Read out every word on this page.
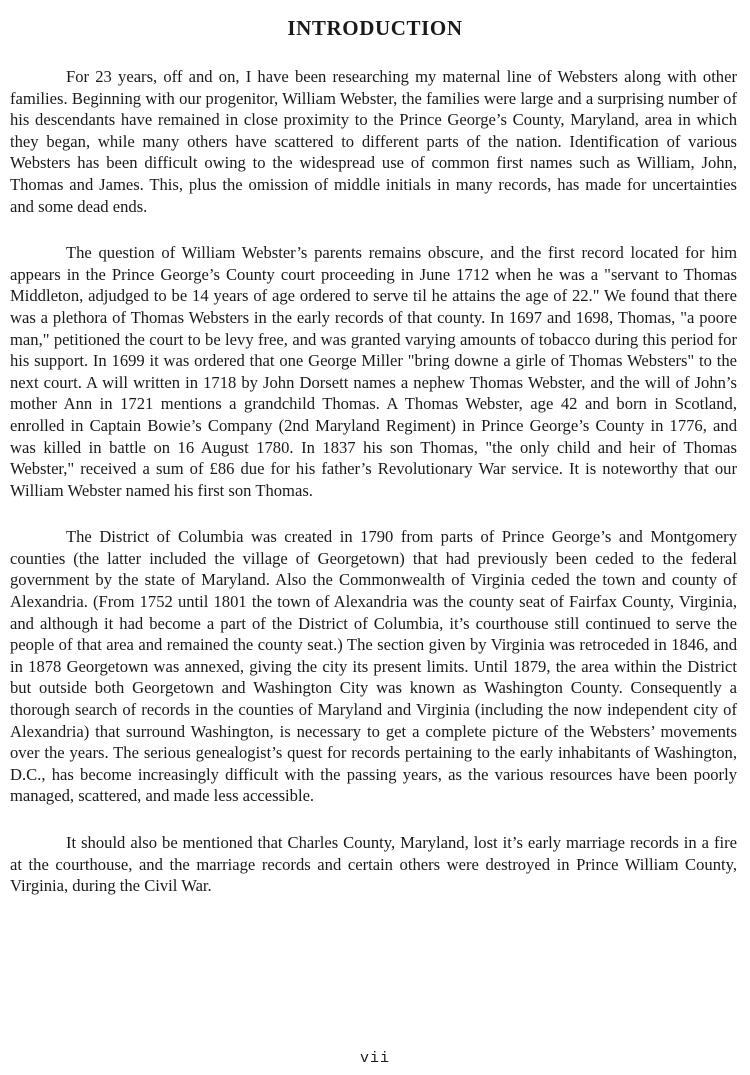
INTRODUCTION

For 23 years, off and on, I have been researching my maternal line of Websters along with other families. Beginning with our progenitor, William Webster, the families were large and a surprising number of his descendants have remained in close proximity to the Prince George’s County, Maryland, area in which they began, while many others have scattered to different parts of the nation. Identification of various Websters has been difficult owing to the widespread use of common first names such as William, John, Thomas and James. This, plus the omission of middle initials in many records, has made for uncertainties and some dead ends.

The question of William Webster’s parents remains obscure, and the first record located for him appears in the Prince George’s County court proceeding in June 1712 when he was a "servant to Thomas Middleton, adjudged to be 14 years of age ordered to serve til he attains the age of 22." We found that there was a plethora of Thomas Websters in the early records of that county. In 1697 and 1698, Thomas, "a poore man," petitioned the court to be levy free, and was granted varying amounts of tobacco during this period for his support. In 1699 it was ordered that one George Miller "bring downe a girle of Thomas Websters" to the next court. A will written in 1718 by John Dorsett names a nephew Thomas Webster, and the will of John’s mother Ann in 1721 mentions a grandchild Thomas. A Thomas Webster, age 42 and born in Scotland, enrolled in Captain Bowie’s Company (2nd Maryland Regiment) in Prince George’s County in 1776, and was killed in battle on 16 August 1780. In 1837 his son Thomas, "the only child and heir of Thomas Webster," received a sum of £86 due for his father’s Revolutionary War service. It is noteworthy that our William Webster named his first son Thomas.

The District of Columbia was created in 1790 from parts of Prince George’s and Montgomery counties (the latter included the village of Georgetown) that had previously been ceded to the federal government by the state of Maryland. Also the Commonwealth of Virginia ceded the town and county of Alexandria. (From 1752 until 1801 the town of Alexandria was the county seat of Fairfax County, Virginia, and although it had become a part of the District of Columbia, it’s courthouse still continued to serve the people of that area and remained the county seat.) The section given by Virginia was retroceded in 1846, and in 1878 Georgetown was annexed, giving the city its present limits. Until 1879, the area within the District but outside both Georgetown and Washington City was known as Washington County. Consequently a thorough search of records in the counties of Maryland and Virginia (including the now independent city of Alexandria) that surround Washington, is necessary to get a complete picture of the Websters’ movements over the years. The serious genealogist’s quest for records pertaining to the early inhabitants of Washington, D.C., has become increasingly difficult with the passing years, as the various resources have been poorly managed, scattered, and made less accessible.

It should also be mentioned that Charles County, Maryland, lost it’s early marriage records in a fire at the courthouse, and the marriage records and certain others were destroyed in Prince William County, Virginia, during the Civil War.

vii
